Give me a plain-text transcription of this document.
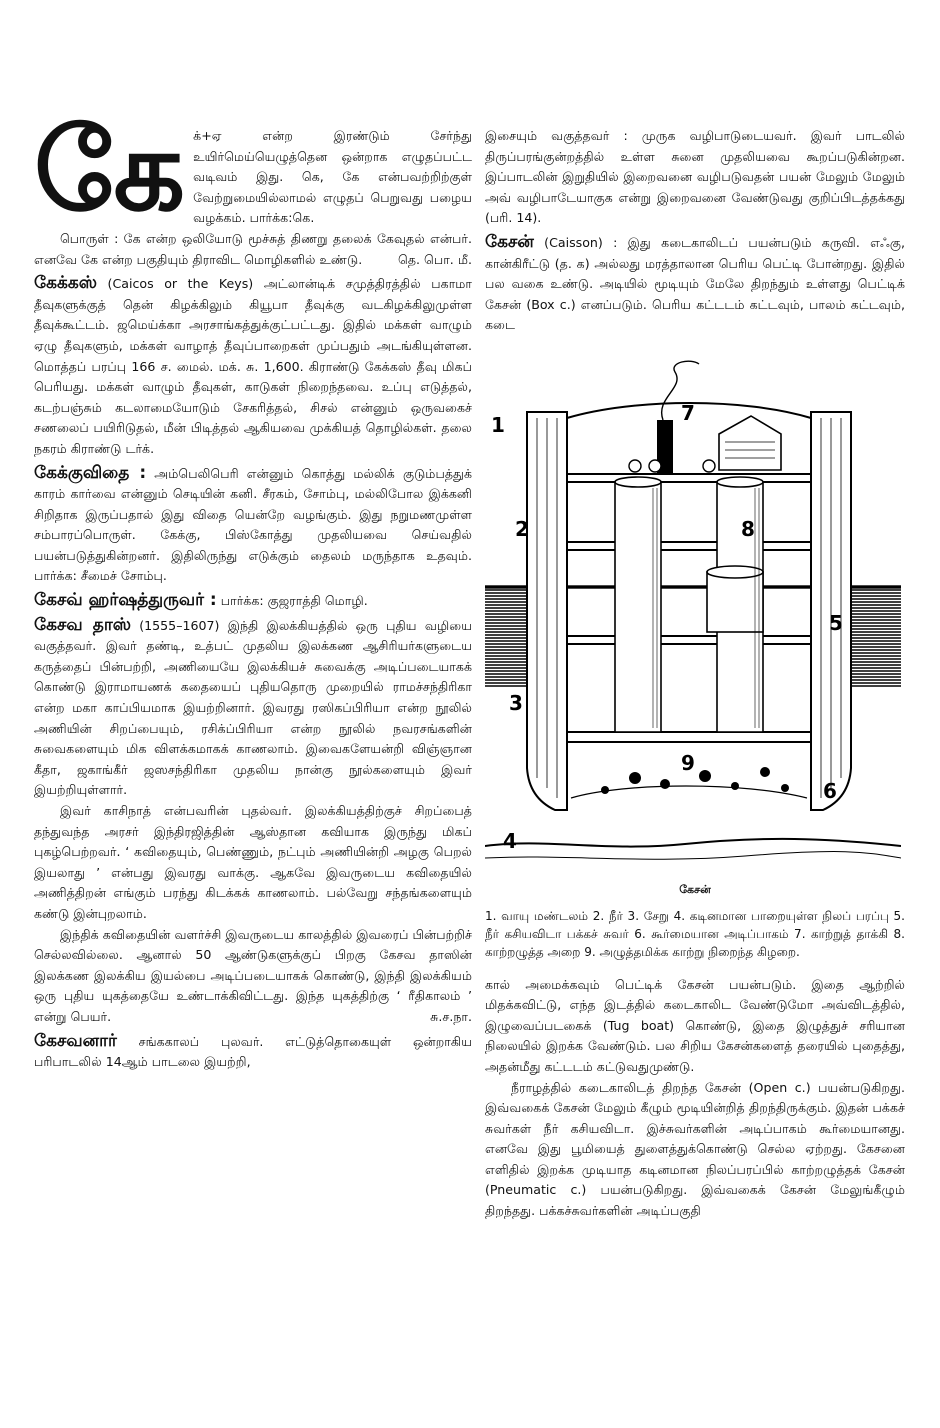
கே க்+ஏ என்ற இரண்டும் சேர்ந்து உயிர்மெய்யெழுத்தென ஒன்றாக எழுதப்பட்ட வடிவம் இது. கெ, கே என்பவற்றிற்குள் வேற்றுமையில்லாமல் எழுதப் பெறுவது பழைய வழக்கம். பார்க்க:கெ.

பொருள் : கே என்ற ஒலியோடு மூச்சுத் திணறு தலைக் கேவுதல் என்பர். எனவே கே என்ற பகுதியும் திராவிட மொழிகளில் உண்டு.	தெ. பொ. மீ.

கேக்கஸ் (Caicos or the Keys) அட்லான்டிக் சமுத்திரத்தில் பகாமா தீவுகளுக்குத் தென் கிழக்கிலும் கியூபா தீவுக்கு வடகிழக்கிலுமுள்ள தீவுக்கூட்டம். ஜமெய்க்கா அரசாங்கத்துக்குட்பட்டது. இதில் மக்கள் வாழும் ஏழு தீவுகளும், மக்கள் வாழாத் தீவுப்பாறைகள் முப்பதும் அடங்கியுள்ளன. மொத்தப் பரப்பு 166 ச. மைல். மக். சு. 1,600. கிராண்டு கேக்கஸ் தீவு மிகப் பெரியது. மக்கள் வாழும் தீவுகள், காடுகள் நிறைந்தவை. உப்பு எடுத்தல், கடற்பஞ்சும் கடலாமையோடும் சேகரித்தல், சிசல் என்னும் ஒருவகைச் சணலைப் பயிரிடுதல், மீன் பிடித்தல் ஆகியவை முக்கியத் தொழில்கள். தலை நகரம் கிராண்டு டர்க்.

கேக்குவிதை : அம்பெலிபெரி என்னும் கொத்து மல்லிக் குடும்பத்துக் காரம் கார்வை என்னும் செடியின் கனி. சீரகம், சோம்பு, மல்லிபோல இக்கனி சிறிதாக இருப்பதால் இது விதை யென்றே வழங்கும். இது நறுமணமுள்ள சம்பாரப்பொருள். கேக்கு, பிஸ்கோத்து முதலியவை செய்வதில் பயன்படுத்துகின்றனர். இதிலிருந்து எடுக்கும் தைலம் மருந்தாக உதவும். பார்க்க: சீமைச் சோம்பு.

கேசவ் ஹர்ஷத்துருவர் : பார்க்க: குஜராத்தி மொழி.

கேசவ தாஸ் (1555–1607) இந்தி இலக்கியத்தில் ஒரு புதிய வழியை வகுத்தவர். இவர் தண்டி, உத்பட் முதலிய இலக்கண ஆசிரியர்களுடைய கருத்தைப் பின்பற்றி, அணியையே இலக்கியச் சுவைக்கு அடிப்படையாகக் கொண்டு இராமாயணக் கதையைப் புதியதொரு முறையில் ராமச்சந்திரிகா என்ற மகா காப்பியமாக இயற்றினார். இவரது ரஸிகப்பிரியா என்ற நூலில் அணியின் சிறப்பையும், ரசிக்ப்பிரியா என்ற நூலில் நவரசங்களின் சுவைகளையும் மிக விளக்கமாகக் காணலாம். இவைகளேயன்றி விஞ்ஞான கீதா, ஜகாங்கீர் ஜஸசந்திரிகா முதலிய நான்கு நூல்களையும் இவர் இயற்றியுள்ளார்.

இவர் காசிநாத் என்பவரின் புதல்வர். இலக்கியத்திற்குச் சிறப்பைத் தந்துவந்த அரசர் இந்திரஜித்தின் ஆஸ்தான கவியாக இருந்து மிகப் புகழ்பெற்றவர். ‘ கவிதையும், பெண்ணும், நட்பும் அணியின்றி அழகு பெறல் இயலாது ’ என்பது இவரது வாக்கு. ஆகவே இவருடைய கவிதையில் அணித்திறன் எங்கும் பரந்து கிடக்கக் காணலாம். பல்வேறு சந்தங்களையும் கண்டு இன்புறலாம்.

இந்திக் கவிதையின் வளர்ச்சி இவருடைய காலத்தில் இவரைப் பின்பற்றிச் செல்லவில்லை. ஆனால் 50 ஆண்டுகளுக்குப் பிறகு கேசவ தாஸின் இலக்கண இலக்கிய இயல்பை அடிப்படையாகக் கொண்டு, இந்தி இலக்கியம் ஒரு புதிய யுகத்தையே உண்டாக்கிவிட்டது. இந்த யுகத்திற்கு ‘ ரீதிகாலம் ’ என்று பெயர்.	சு.ச.நா.

கேசவனார் சங்ககாலப் புலவர். எட்டுத்தொகையுள் ஒன்றாகிய பரிபாடலில் 14ஆம் பாடலை இயற்றி,

இசையும் வகுத்தவர் : முருக வழிபாடுடையவர். இவர் பாடலில் திருப்பரங்குன்றத்தில் உள்ள சுனை முதலியவை கூறப்படுகின்றன. இப்பாடலின் இறுதியில் இறைவனை வழிபடுவதன் பயன் மேலும் மேலும் அவ் வழிபாடேயாகுக என்று இறைவனை வேண்டுவது குறிப்பிடத்தக்கது (பரி. 14).

கேசன் (Caisson) : இது கடைகாலிடப் பயன்படும் கருவி. எஃகு, கான்கிரீட்டு (த. க) அல்லது மரத்தாலான பெரிய பெட்டி போன்றது. இதில் பல வகை உண்டு. அடியில் மூடியும் மேலே திறந்தும் உள்ளது பெட்டிக் கேசன் (Box c.) எனப்படும். பெரிய கட்டடம் கட்டவும், பாலம் கட்டவும், கடை

1
2
3
4
5
6
7
8
9
கேசன்

1. வாயு மண்டலம் 2. நீர் 3. சேறு 4. கடினமான பாறையுள்ள நிலப் பரப்பு 5. நீர் கசியவிடா பக்கச் சுவர் 6. கூர்மையான அடிப்பாகம் 7. காற்றுத் தாக்கி 8. காற்றழுத்த அறை 9. அழுத்தமிக்க காற்று நிறைந்த கிழறை.

கால் அமைக்கவும் பெட்டிக் கேசன் பயன்படும். இதை ஆற்றில் மிதக்கவிட்டு, எந்த இடத்தில் கடைகாலிட வேண்டுமோ அவ்விடத்தில், இழுவைப்படகைக் (Tug boat) கொண்டு, இதை இழுத்துச் சரியான நிலையில் இறக்க வேண்டும். பல சிறிய கேசன்களைத் தரையில் புதைத்து, அதன்மீது கட்டடம் கட்டுவதுமுண்டு.

நீராழத்தில் கடைகாலிடத் திறந்த கேசன் (Open c.) பயன்படுகிறது. இவ்வகைக் கேசன் மேலும் கீழும் மூடியின்றித் திறந்திருக்கும். இதன் பக்கச் சுவர்கள் நீர் கசியவிடா. இச்சுவர்களின் அடிப்பாகம் கூர்மையானது. எனவே இது பூமியைத் துளைத்துக்கொண்டு செல்ல ஏற்றது. கேசனை எளிதில் இறக்க முடியாத கடினமான நிலப்பரப்பில் காற்றழுத்தக் கேசன் (Pneumatic c.) பயன்படுகிறது. இவ்வகைக் கேசன் மேலுங்கீழும் திறந்தது. பக்கச்சுவர்களின் அடிப்பகுதி
